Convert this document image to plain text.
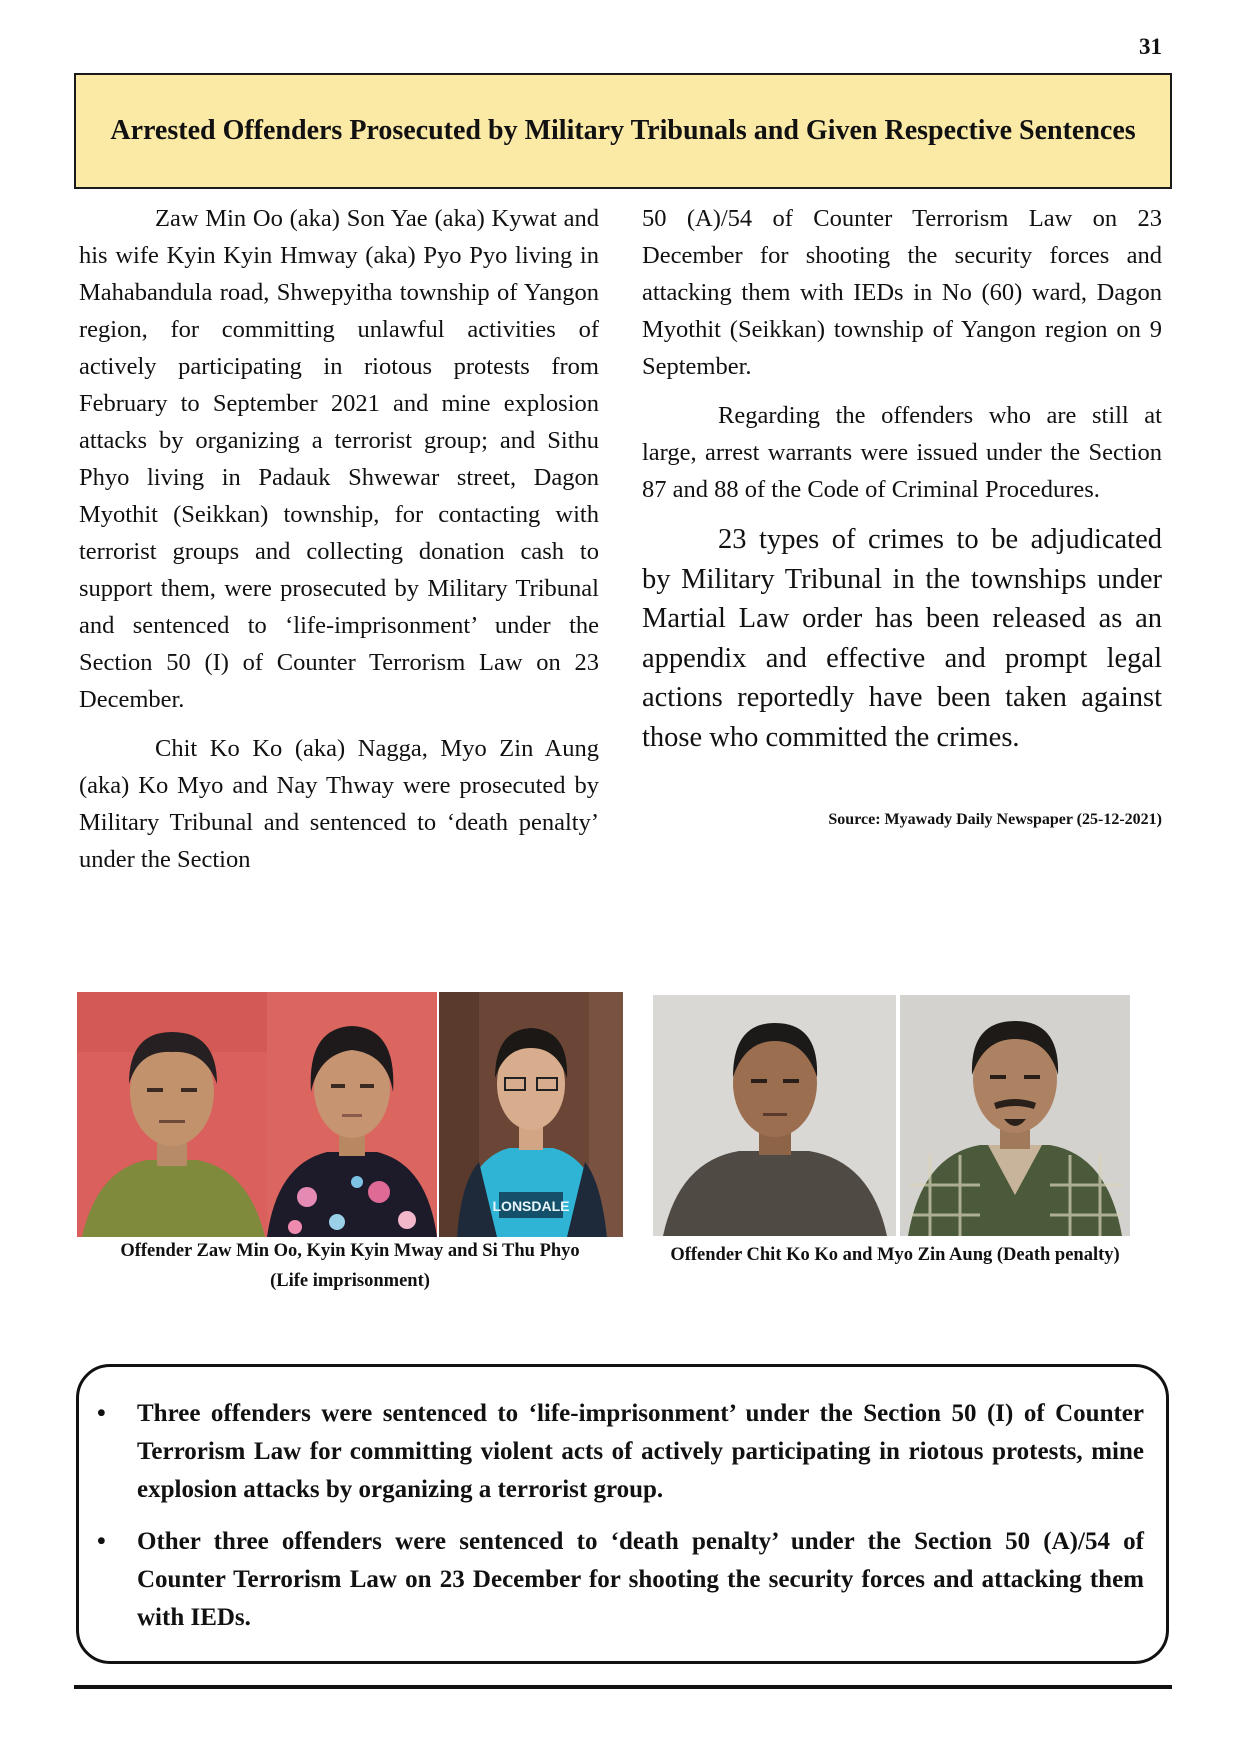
31
Arrested Offenders Prosecuted by Military Tribunals and Given Respective Sentences

Zaw Min Oo (aka) Son Yae (aka) Kywat and his wife Kyin Kyin Hmway (aka) Pyo Pyo living in Mahabandula road, Shwepyitha township of Yangon region, for committing unlawful activities of actively participating in riotous protests from February to September 2021 and mine explosion attacks by organizing a terrorist group; and Sithu Phyo living in Padauk Shwewar street, Dagon Myothit (Seikkan) township, for contacting with terrorist groups and collecting donation cash to support them, were prosecuted by Military Tribunal and sentenced to ‘life-imprisonment’ under the Section 50 (I) of Counter Terrorism Law on 23 December.

Chit Ko Ko (aka) Nagga, Myo Zin Aung (aka) Ko Myo and Nay Thway were prosecuted by Military Tribunal and sentenced to ‘death penalty’ under the Section

50 (A)/54 of Counter Terrorism Law on 23 December for shooting the security forces and attacking them with IEDs in No (60) ward, Dagon Myothit (Seikkan) township of Yangon region on 9 September.

Regarding the offenders who are still at large, arrest warrants were issued under the Section 87 and 88 of the Code of Criminal Procedures.

23 types of crimes to be adjudicated by Military Tribunal in the townships under Martial Law order has been released as an appendix and effective and prompt legal actions reportedly have been taken against those who committed the crimes.

Source: Myawady Daily Newspaper (25-12-2021)
LONSDALE
Offender Zaw Min Oo, Kyin Kyin Mway and Si Thu Phyo
(Life imprisonment)
Offender Chit Ko Ko and Myo Zin Aung (Death penalty)
• Three offenders were sentenced to ‘life-imprisonment’ under the Section 50 (I) of Counter Terrorism Law for committing violent acts of actively participating in riotous protests, mine explosion attacks by organizing a terrorist group.
• Other three offenders were sentenced to ‘death penalty’ under the Section 50 (A)/54 of Counter Terrorism Law on 23 December for shooting the security forces and attacking them with IEDs.
